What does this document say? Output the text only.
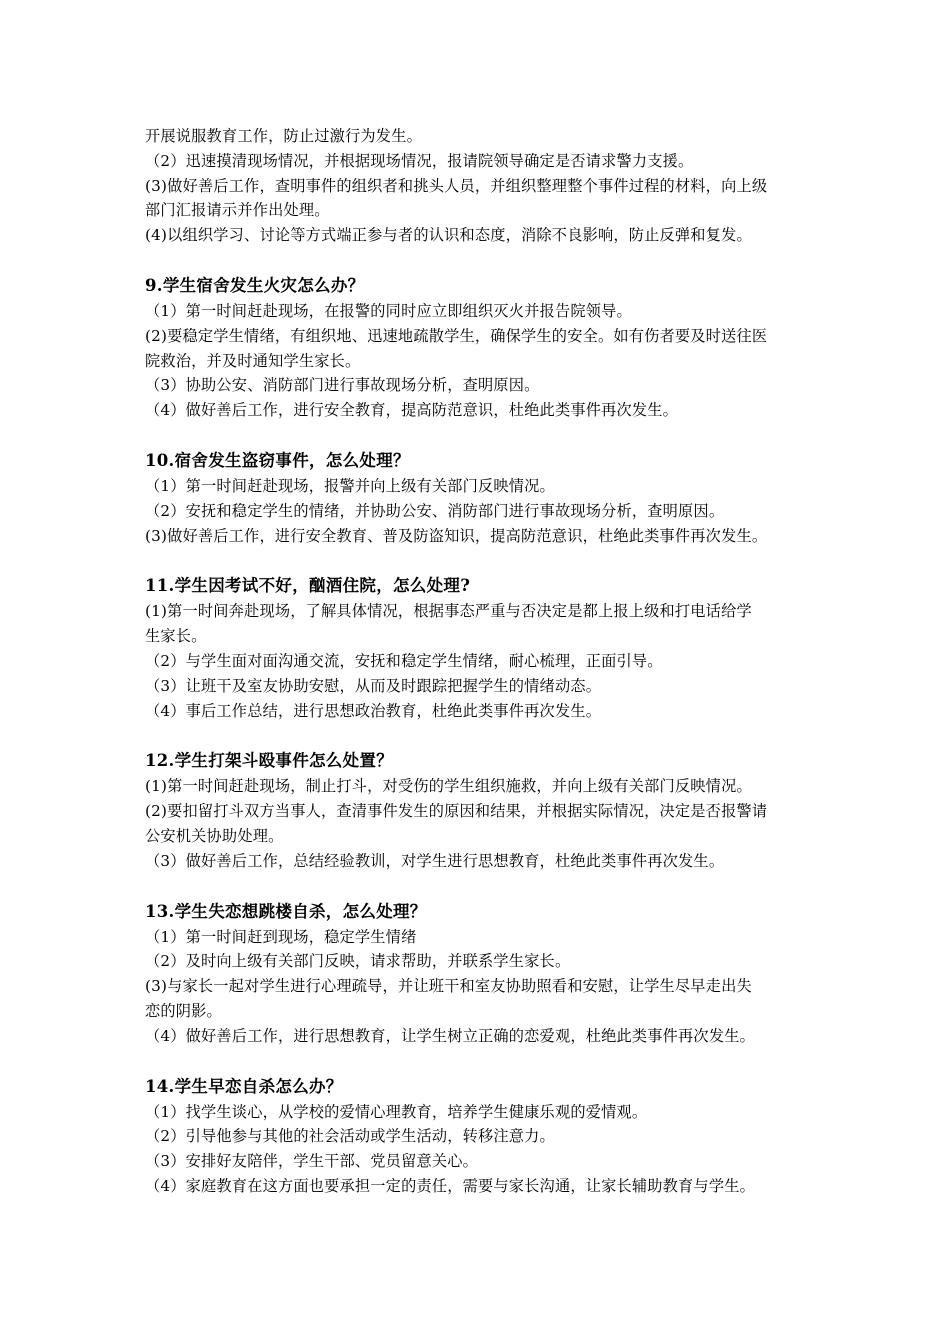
开展说服教育工作，防止过激行为发生。
（2）迅速摸清现场情况，并根据现场情况，报请院领导确定是否请求警力支援。
(3)做好善后工作，查明事件的组织者和挑头人员，并组织整理整个事件过程的材料，向上级
部门汇报请示并作出处理。
(4)以组织学习、讨论等方式端正参与者的认识和态度，消除不良影响，防止反弹和复发。
9.学生宿舍发生火灾怎么办？
（1）第一时间赶赴现场，在报警的同时应立即组织灭火并报告院领导。
(2)要稳定学生情绪，有组织地、迅速地疏散学生，确保学生的安全。如有伤者要及时送往医
院救治，并及时通知学生家长。
（3）协助公安、消防部门进行事故现场分析，查明原因。
（4）做好善后工作，进行安全教育，提高防范意识，杜绝此类事件再次发生。
10.宿舍发生盗窃事件，怎么处理？
（1）第一时间赶赴现场，报警并向上级有关部门反映情况。
（2）安抚和稳定学生的情绪，并协助公安、消防部门进行事故现场分析，查明原因。
(3)做好善后工作，进行安全教育、普及防盗知识，提高防范意识，杜绝此类事件再次发生。
11.学生因考试不好，酗酒住院，怎么处理?
(1)第一时间奔赴现场，了解具体情况，根据事态严重与否决定是都上报上级和打电话给学
生家长。
（2）与学生面对面沟通交流，安抚和稳定学生情绪，耐心梳理，正面引导。
（3）让班干及室友协助安慰，从而及时跟踪把握学生的情绪动态。
（4）事后工作总结，进行思想政治教育，杜绝此类事件再次发生。
12.学生打架斗殴事件怎么处置？
(1)第一时间赶赴现场，制止打斗，对受伤的学生组织施救，并向上级有关部门反映情况。
(2)要扣留打斗双方当事人，查清事件发生的原因和结果，并根据实际情况，决定是否报警请
公安机关协助处理。
（3）做好善后工作，总结经验教训，对学生进行思想教育，杜绝此类事件再次发生。
13.学生失恋想跳楼自杀，怎么处理？
（1）第一时间赶到现场，稳定学生情绪
（2）及时向上级有关部门反映，请求帮助，并联系学生家长。
(3)与家长一起对学生进行心理疏导，并让班干和室友协助照看和安慰，让学生尽早走出失
恋的阴影。
（4）做好善后工作，进行思想教育，让学生树立正确的恋爱观，杜绝此类事件再次发生。
14.学生早恋自杀怎么办？
（1）找学生谈心，从学校的爱情心理教育，培养学生健康乐观的爱情观。
（2）引导他参与其他的社会活动或学生活动，转移注意力。
（3）安排好友陪伴，学生干部、党员留意关心。
（4）家庭教育在这方面也要承担一定的责任，需要与家长沟通，让家长辅助教育与学生。
